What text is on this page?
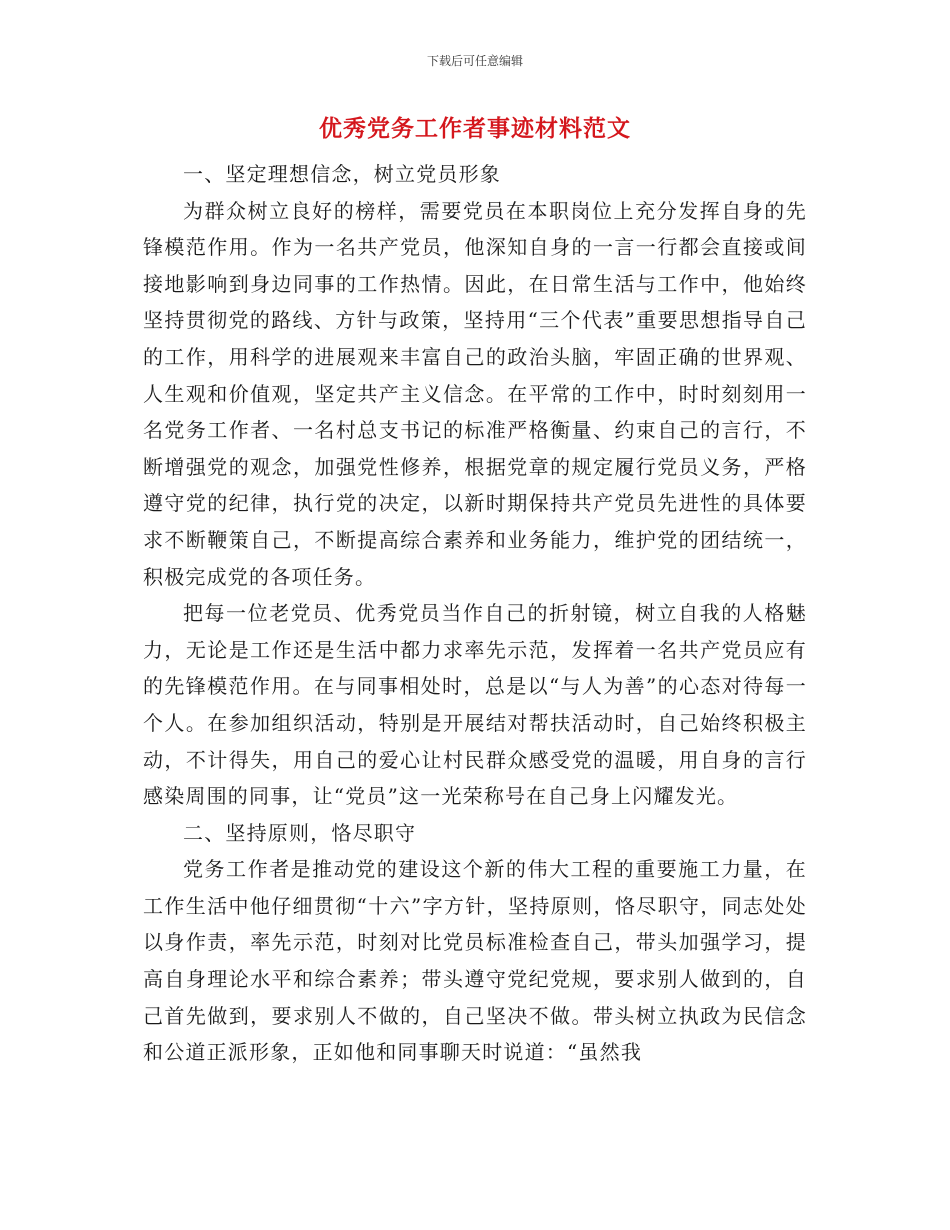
下载后可任意编辑
优秀党务工作者事迹材料范文

一、坚定理想信念，树立党员形象

为群众树立良好的榜样，需要党员在本职岗位上充分发挥自身的先锋模范作用。作为一名共产党员，他深知自身的一言一行都会直接或间接地影响到身边同事的工作热情。因此，在日常生活与工作中，他始终坚持贯彻党的路线、方针与政策，坚持用“三个代表”重要思想指导自己的工作，用科学的进展观来丰富自己的政治头脑，牢固正确的世界观、人生观和价值观，坚定共产主义信念。在平常的工作中，时时刻刻用一名党务工作者、一名村总支书记的标准严格衡量、约束自己的言行，不断增强党的观念，加强党性修养，根据党章的规定履行党员义务，严格遵守党的纪律，执行党的决定，以新时期保持共产党员先进性的具体要求不断鞭策自己，不断提高综合素养和业务能力，维护党的团结统一，积极完成党的各项任务。

把每一位老党员、优秀党员当作自己的折射镜，树立自我的人格魅力，无论是工作还是生活中都力求率先示范，发挥着一名共产党员应有的先锋模范作用。在与同事相处时，总是以“与人为善”的心态对待每一个人。在参加组织活动，特别是开展结对帮扶活动时，自己始终积极主动，不计得失，用自己的爱心让村民群众感受党的温暖，用自身的言行感染周围的同事，让“党员”这一光荣称号在自己身上闪耀发光。

二、坚持原则，恪尽职守

党务工作者是推动党的建设这个新的伟大工程的重要施工力量，在工作生活中他仔细贯彻“十六”字方针，坚持原则，恪尽职守，同志处处以身作责，率先示范，时刻对比党员标准检查自己，带头加强学习，提高自身理论水平和综合素养；带头遵守党纪党规，要求别人做到的，自己首先做到，要求别人不做的，自己坚决不做。带头树立执政为民信念和公道正派形象，正如他和同事聊天时说道：“虽然我
